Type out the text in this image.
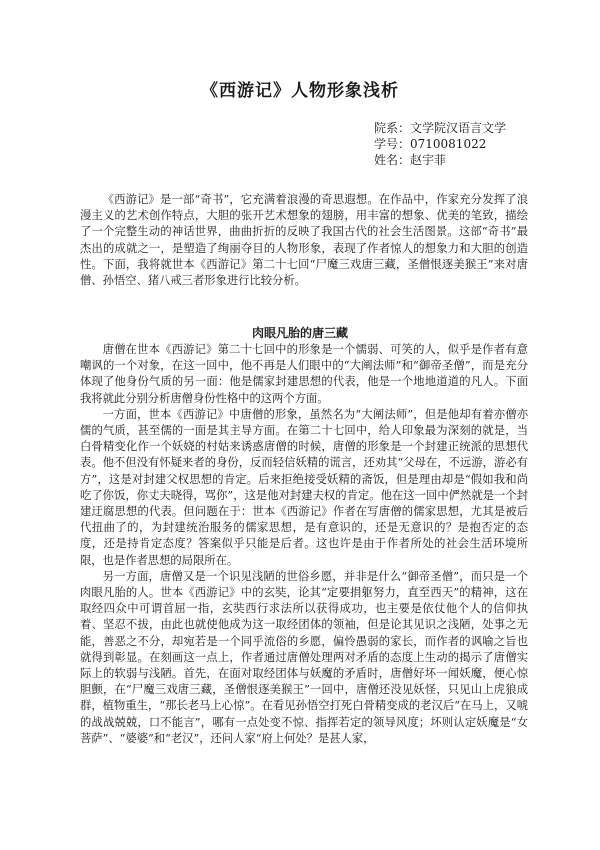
《西游记》人物形象浅析
院系：文学院汉语言文学
学号：0710081022
姓名：赵宇菲

《西游记》是一部“奇书”，它充满着浪漫的奇思遐想。在作品中，作家充分发挥了浪漫主义的艺术创作特点，大胆的张开艺术想象的翅膀，用丰富的想象、优美的笔致，描绘了一个完整生动的神话世界，曲曲折折的反映了我国古代的社会生活图景。这部“奇书”最杰出的成就之一，是塑造了绚丽夺目的人物形象，表现了作者惊人的想象力和大胆的创造性。下面，我将就世本《西游记》第二十七回“尸魔三戏唐三藏，圣僧恨逐美猴王”来对唐僧、孙悟空、猪八戒三者形象进行比较分析。

肉眼凡胎的唐三藏

唐僧在世本《西游记》第二十七回中的形象是一个懦弱、可笑的人，似乎是作者有意嘲讽的一个对象，在这一回中，他不再是人们眼中的“大阐法师”和“御帝圣僧”，而是充分体现了他身份气质的另一面：他是儒家封建思想的代表，他是一个地地道道的凡人。下面我将就此分别分析唐僧身份性格中的这两个方面。

一方面，世本《西游记》中唐僧的形象，虽然名为“大阐法师”，但是他却有着亦僧亦儒的气质，甚至儒的一面是其主导方面。在第二十七回中，给人印象最为深刻的就是，当白骨精变化作一个妖娆的村姑来诱惑唐僧的时候，唐僧的形象是一个封建正统派的思想代表。他不但没有怀疑来者的身份，反而轻信妖精的谎言，还劝其“父母在，不远游，游必有方”，这是对封建父权思想的肯定。后来拒绝接受妖精的斋饭，但是理由却是“假如我和尚吃了你饭，你丈夫晓得，骂你”，这是他对封建夫权的肯定。他在这一回中俨然就是一个封建迂腐思想的代表。但问题在于：世本《西游记》作者在写唐僧的儒家思想，尤其是被后代扭曲了的，为封建统治服务的儒家思想，是有意识的，还是无意识的？是抱否定的态度，还是持肯定态度？答案似乎只能是后者。这也许是由于作者所处的社会生活环境所限，也是作者思想的局限所在。

另一方面，唐僧又是一个识见浅陋的世俗乡愿，并非是什么“御帝圣僧”，而只是一个肉眼凡胎的人。世本《西游记》中的玄奘，论其“定要捐躯努力，直至西天”的精神，这在取经四众中可谓首屈一指，玄奘西行求法所以获得成功，也主要是依仗他个人的信仰执着、坚忍不拔，由此也就使他成为这一取经团体的领袖，但是论其见识之浅陋，处事之无能，善恶之不分，却宛若是一个同乎流俗的乡愿，偏怜愚弱的家长，而作者的讽喻之旨也就得到彰显。在刻画这一点上，作者通过唐僧处理两对矛盾的态度上生动的揭示了唐僧实际上的软弱与浅陋。首先，在面对取经团体与妖魔的矛盾时，唐僧好坏一闻妖魔，便心惊胆颤，在“尸魔三戏唐三藏，圣僧恨逐美猴王”一回中，唐僧还没见妖怪，只见山上虎狼成群，植物重生，“那长老马上心惊”。在看见孙悟空打死白骨精变成的老汉后“在马上，又唬的战战兢兢，口不能言”，哪有一点处变不惊、指挥若定的领导风度；坏则认定妖魔是“女菩萨”、“婆婆”和“老汉”，还问人家“府上何处？是甚人家，
